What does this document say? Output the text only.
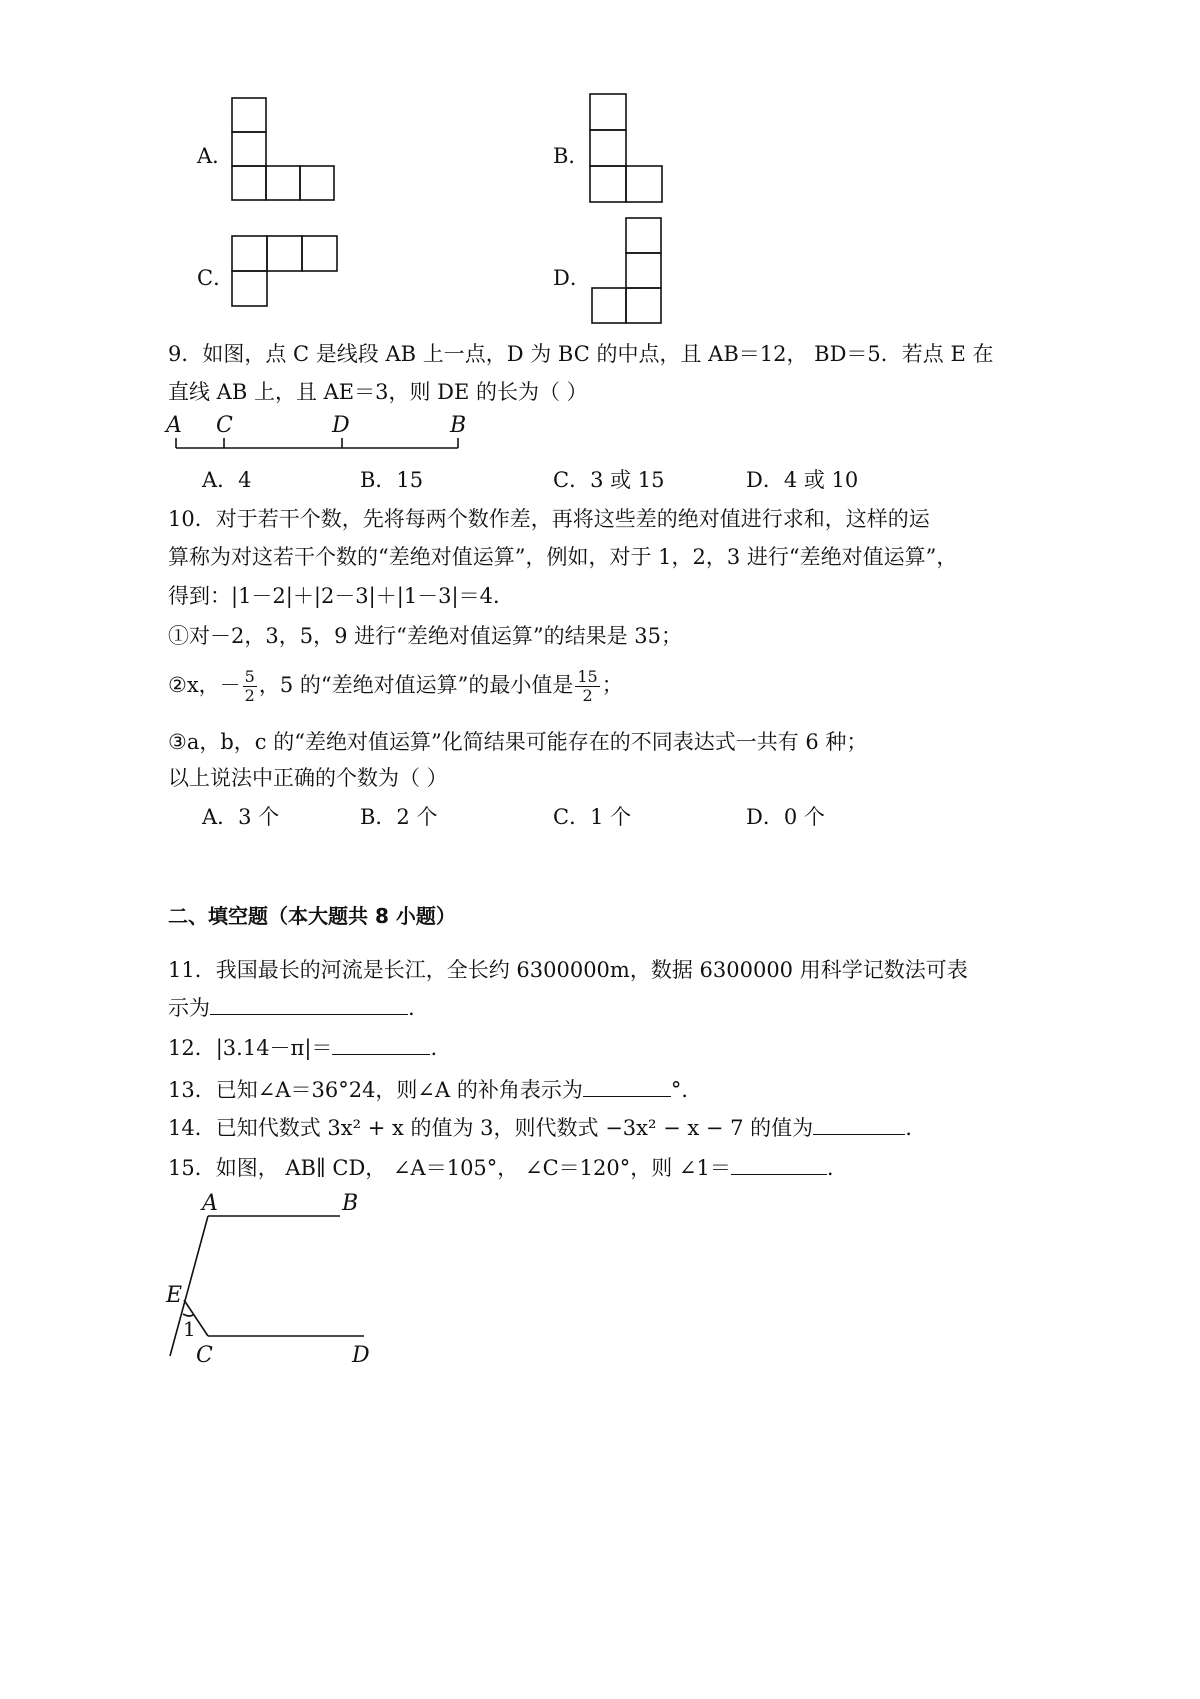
A．	B．
C．	D．
9．如图，点 C 是线段 AB 上一点，D 为 BC 的中点，且 AB＝12， BD＝5．若点 E 在
直线 AB 上，且 AE＝3，则 DE 的长为（ ）
A C	D	B
A．4	B．15	C．3 或 15	D．4 或 10
10．对于若干个数，先将每两个数作差，再将这些差的绝对值进行求和，这样的运
算称为对这若干个数的“差绝对值运算”，例如，对于 1，2，3 进行“差绝对值运算”，
得到：|1－2|＋|2－3|＋|1－3|＝4．
①对－2，3，5，9 进行“差绝对值运算”的结果是 35；
②x，－ $\frac{5}{2}$ ，5 的“差绝对值运算”的最小值是 $\frac{15}{2}$ ；
③a，b，c 的“差绝对值运算”化简结果可能存在的不同表达式一共有 6 种；
以上说法中正确的个数为（ ）
A．3 个	B．2 个	C．1 个	D．0 个
二、填空题（本大题共 8 小题）
11．我国最长的河流是长江，全长约 6300000m，数据 6300000 用科学记数法可表
示为	.
12．|3.14－π|＝	.
13．已知∠A＝36°24，则∠A 的补角表示为	°．
14．已知代数式 3x² + x 的值为 3，则代数式 −3x² − x − 7 的值为	.
15．如图， AB∥ CD， ∠A＝105°， ∠C＝120°，则 ∠1＝	.
A	B
E
C	D
1
